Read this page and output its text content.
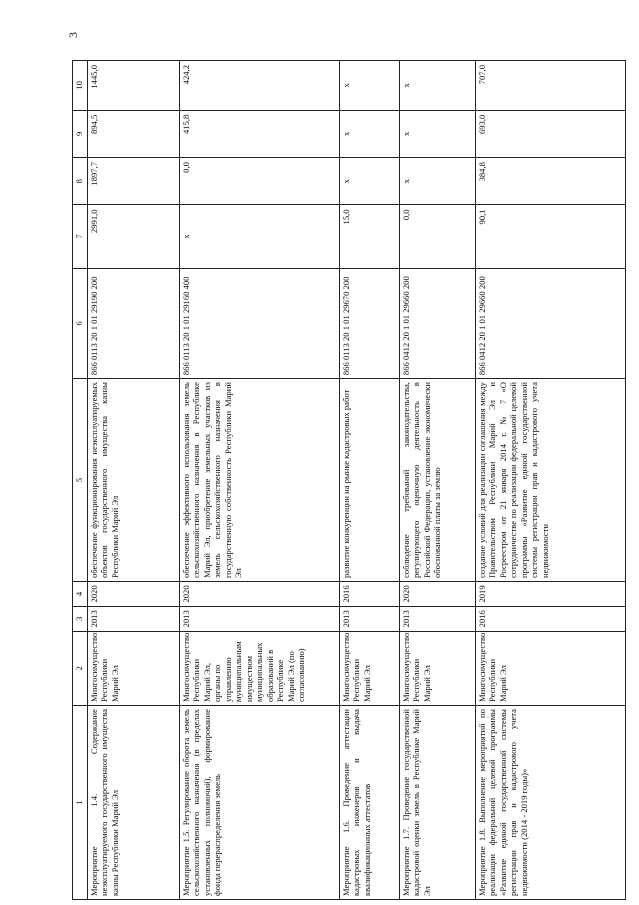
3
1	2	3	4	5	6	7	8	9	10
Мероприятие 1.4. Содержание неэксплуатируемого государственного имущества казны Республики Марий Эл	Мингосимущество Республики Марий Эл	2013	2020	обеспечение функционирования неэксплуатируемых объектов государственного имущества казны Республики Марий Эл	866 0113 20 1 01 29190 200	2991,0	1897,7	894,5	1445,0
Мероприятие 1.5. Регулирование оборота земель сельскохозяйственного назначения (в пределах установленных полномочий), формирование фонда перераспределения земель	Мингосимущество Республики Марий Эл, органы по управлению муниципальным имуществом муниципальных образований в Республике Марий Эл (по согласованию)	2013	2020	обеспечение эффективного использования земель сельскохозяйственного назначения в Республике Марий Эл, приобретение земельных участков из земель сельскохозяйственного назначения в государственную собственность Республики Марий Эл	866 0113 20 1 01 29160 400	х	0,0	415,8	424,2
Мероприятие 1.6. Проведение аттестации кадастровых инженеров и выдача квалификационных аттестатов	Мингосимущество Республики Марий Эл	2013	2016	развитие конкуренции на рынке кадастровых работ	866 0113 20 1 01 29670 200	15,0	х	х	х
Мероприятие 1.7. Проведение государственной кадастровой оценки земель в Республике Марий Эл	Мингосимущество Республики Марий Эл	2013	2020	соблюдение требований законодательства, регулирующего оценочную деятельность в Российской Федерации, установление экономически обоснованной платы за землю	866 0412 20 1 01 29660 200	0,0	х	х	х
Мероприятие 1.8. Выполнение мероприятий по реализации федеральной целевой программы «Развитие единой государственной системы регистрации прав и кадастрового учета недвижимости (2014 - 2019 годы)»	Мингосимущество Республики Марий Эл	2016	2019	создание условий для реализации соглашения между Правительством Республики Марий Эл и Росреестром от 21 января 2014 г. № 7 «О сотрудничестве по реализации федеральной целевой программы «Развитие единой государственной системы регистрации прав и кадастрового учета недвижимости	866 0412 20 1 01 29660 200	90,1	384,8	693,0	707,0
